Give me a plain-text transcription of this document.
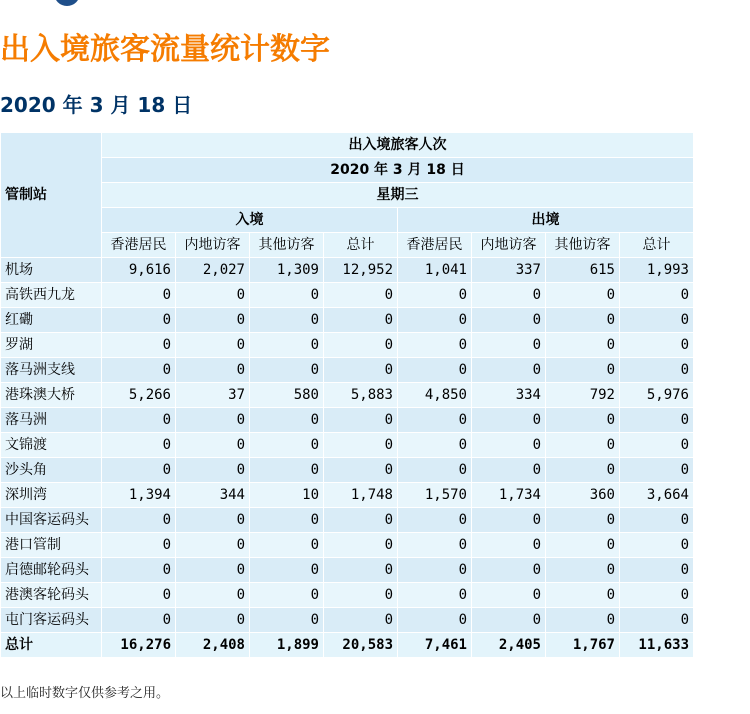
出入境旅客流量统计数字
2020 年 3 月 18 日
管制站	出入境旅客人次							
	2020 年 3 月 18 日							
	星期三							
	入境				出境			
	香港居民	内地访客	其他访客	总计	香港居民	内地访客	其他访客	总计
机场	9,616	2,027	1,309	12,952	1,041	337	615	1,993
高铁西九龙	0	0	0	0	0	0	0	0
红磡	0	0	0	0	0	0	0	0
罗湖	0	0	0	0	0	0	0	0
落马洲支线	0	0	0	0	0	0	0	0
港珠澳大桥	5,266	37	580	5,883	4,850	334	792	5,976
落马洲	0	0	0	0	0	0	0	0
文锦渡	0	0	0	0	0	0	0	0
沙头角	0	0	0	0	0	0	0	0
深圳湾	1,394	344	10	1,748	1,570	1,734	360	3,664
中国客运码头	0	0	0	0	0	0	0	0
港口管制	0	0	0	0	0	0	0	0
启德邮轮码头	0	0	0	0	0	0	0	0
港澳客轮码头	0	0	0	0	0	0	0	0
屯门客运码头	0	0	0	0	0	0	0	0
总计	16,276	2,408	1,899	20,583	7,461	2,405	1,767	11,633

以上临时数字仅供参考之用。
